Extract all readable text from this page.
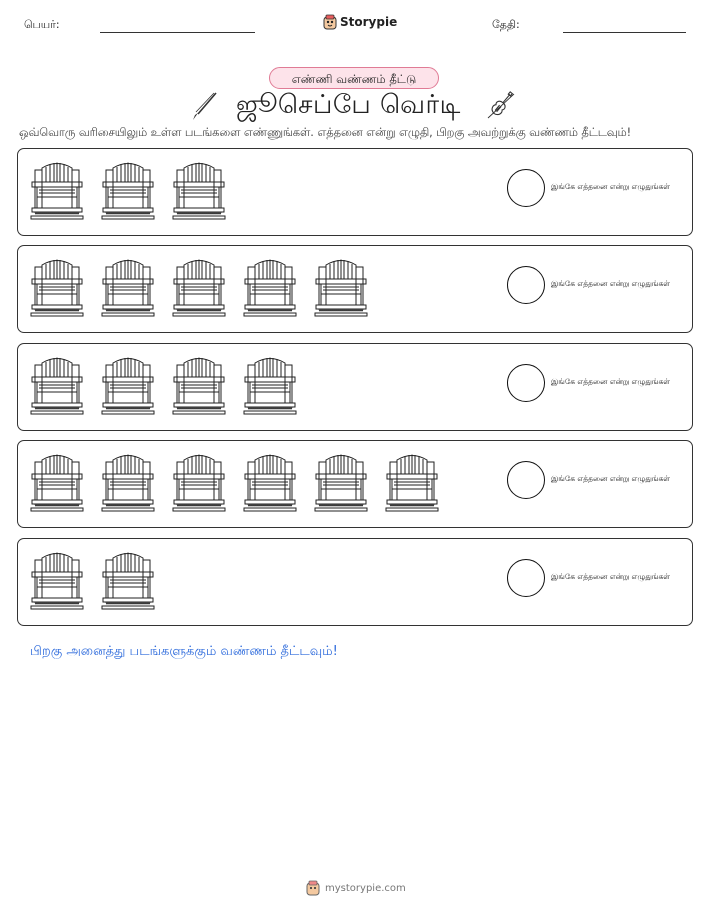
பெயர்:	Storypie	தேதி:
எண்ணி வண்ணம் தீட்டு
ஜூசெப்பே வெர்டி
ஒவ்வொரு வரிசையிலும் உள்ள படங்களை எண்ணுங்கள். எத்தனை என்று எழுதி, பிறகு அவற்றுக்கு வண்ணம் தீட்டவும்!
இங்கே எத்தனை என்று எழுதுங்கள்
இங்கே எத்தனை என்று எழுதுங்கள்
இங்கே எத்தனை என்று எழுதுங்கள்
இங்கே எத்தனை என்று எழுதுங்கள்
இங்கே எத்தனை என்று எழுதுங்கள்
பிறகு அனைத்து படங்களுக்கும் வண்ணம் தீட்டவும்!
mystorypie.com
